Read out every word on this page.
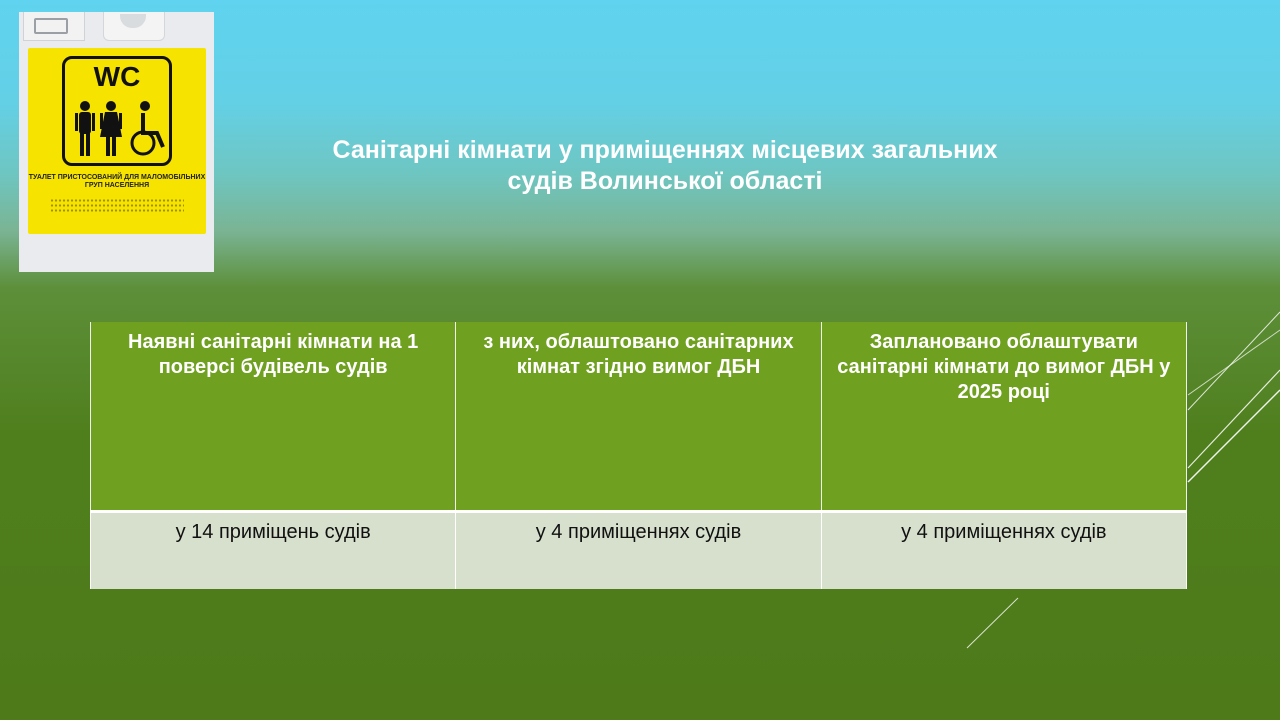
WC
ТУАЛЕТ ПРИСТОСОВАНИЙ ДЛЯ МАЛОМОБІЛЬНИХ ГРУП НАСЕЛЕННЯ
Санітарні кімнати у приміщеннях місцевих загальних
судів Волинської області
Наявні санітарні кімнати на 1 поверсі будівель судів	з них, облаштовано санітарних кімнат згідно вимог ДБН	Заплановано облаштувати санітарні кімнати до вимог ДБН у 2025 році
у 14 приміщень судів	у 4 приміщеннях судів	у 4 приміщеннях судів
